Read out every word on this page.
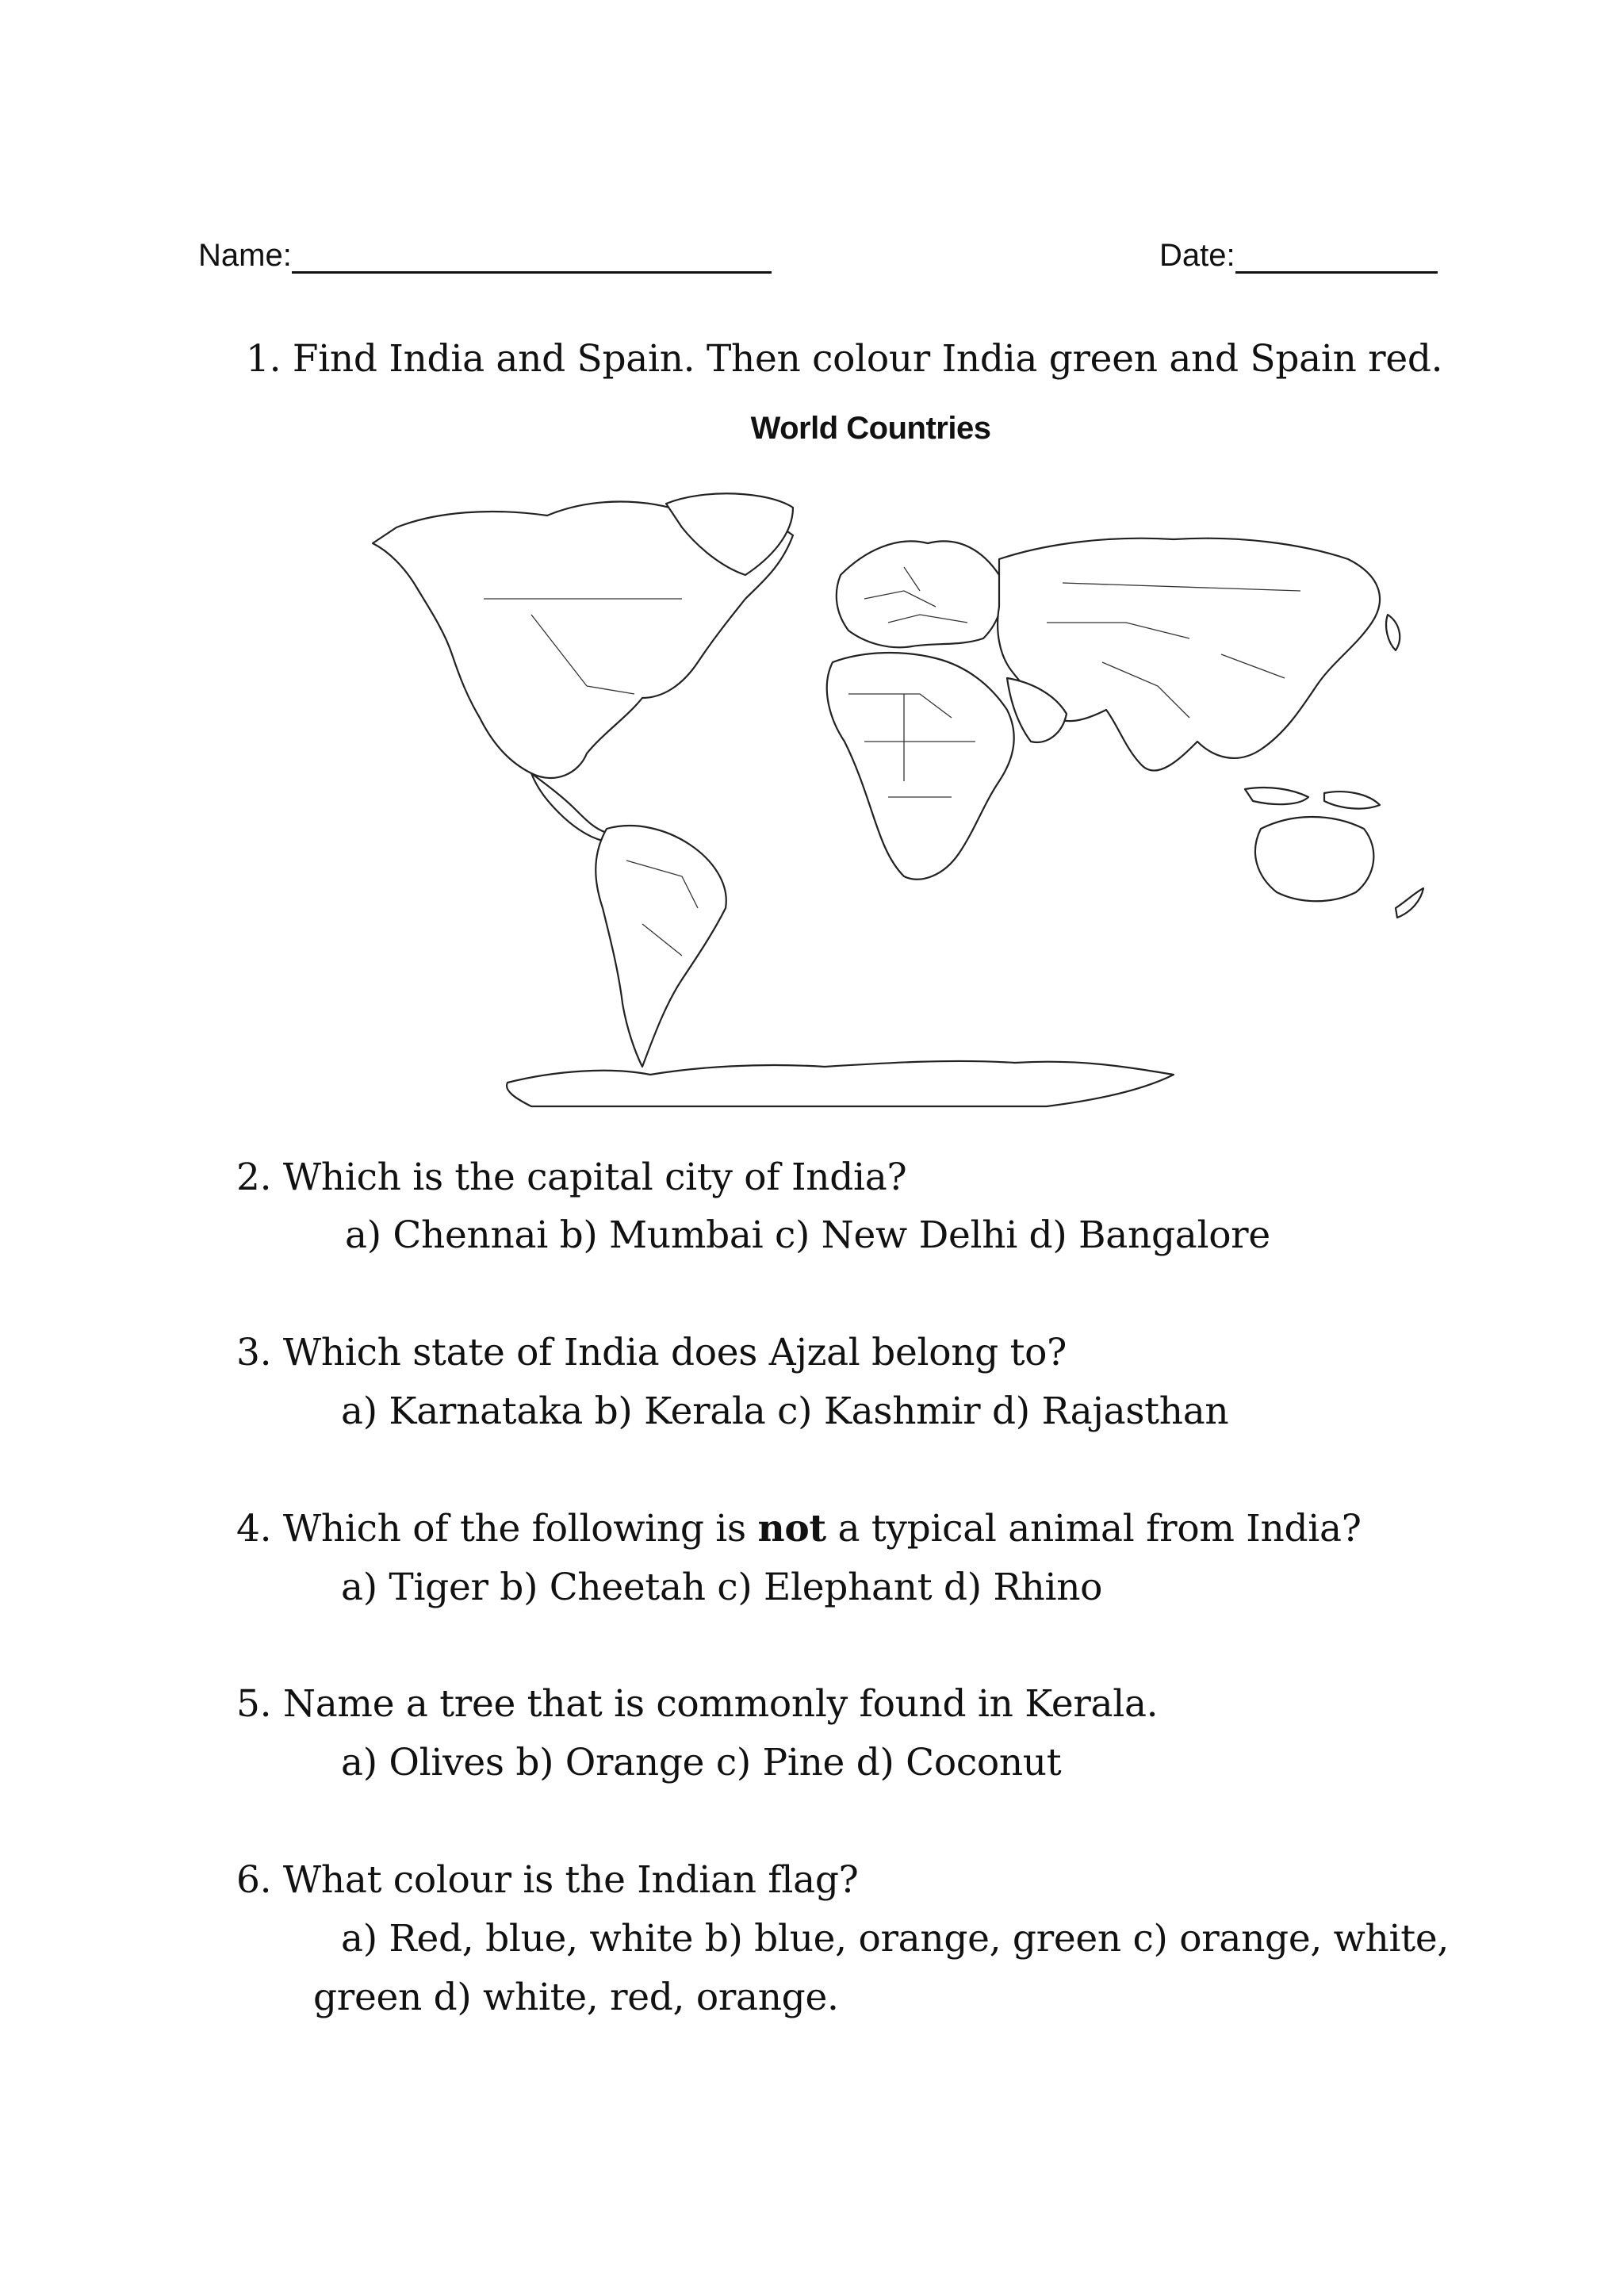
Name:	Date:
1. Find India and Spain. Then colour India green and Spain red.
World Countries
2. Which is the capital city of India?
a) Chennai b) Mumbai c) New Delhi d) Bangalore
3. Which state of India does Ajzal belong to?
a) Karnataka b) Kerala c) Kashmir d) Rajasthan
4. Which of the following is not a typical animal from India?
a) Tiger b) Cheetah c) Elephant d) Rhino
5. Name a tree that is commonly found in Kerala.
a) Olives b) Orange c) Pine d) Coconut
6. What colour is the Indian flag?
a) Red, blue, white b) blue, orange, green c) orange, white,
green d) white, red, orange.
